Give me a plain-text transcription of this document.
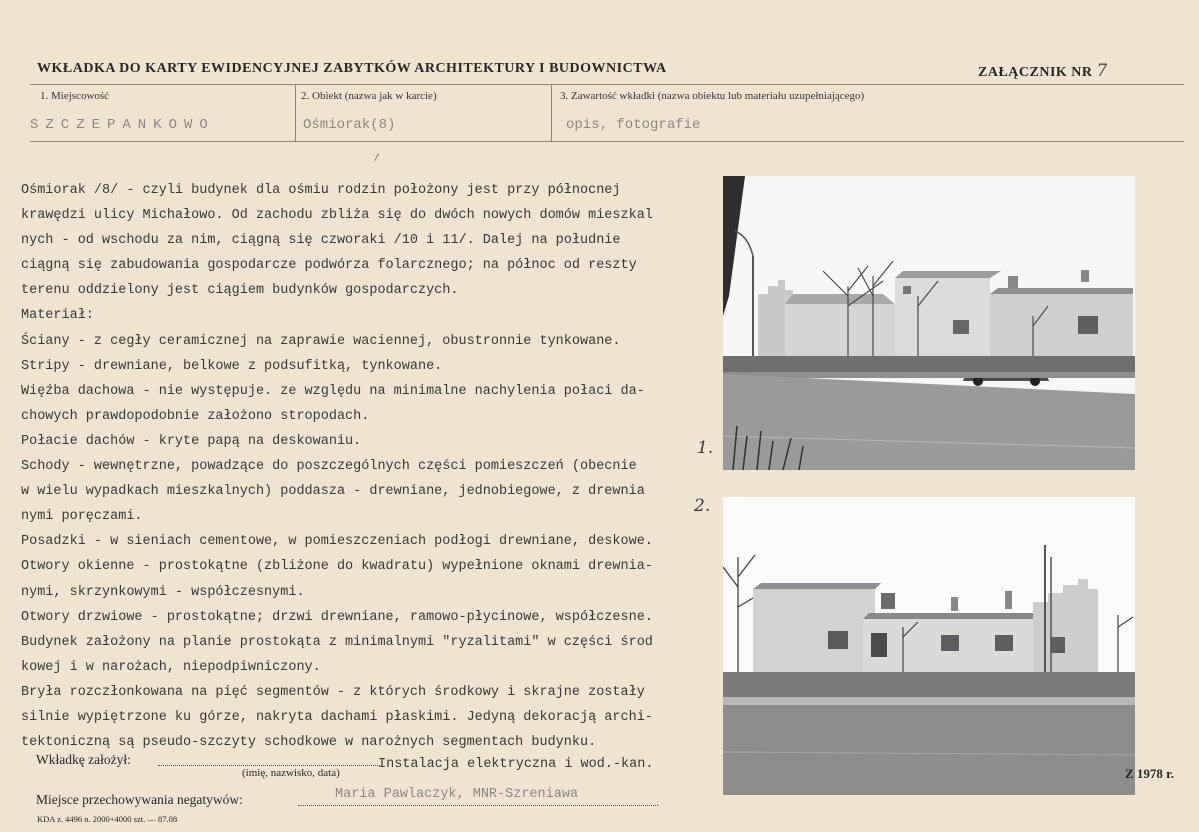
WKŁADKA DO KARTY EWIDENCYJNEJ ZABYTKÓW ARCHITEKTURY I BUDOWNICTWA	ZAŁĄCZNIK NR 7
1. Miejscowość
SZCZEPANKOWO
2. Obiekt (nazwa jak w karcie)
Ośmiorak(8)
3. Zawartość wkładki (nazwa obiektu lub materiału uzupełniającego)
opis, fotografie
Ośmiorak /8/ - czyli budynek dla ośmiu rodzin położony jest przy północnej
krawędzi ulicy Michałowo. Od zachodu zbliża się do dwóch nowych domów mieszkal
nych - od wschodu za nim, ciągną się czworaki /10 i 11/. Dalej na południe
ciągną się zabudowania gospodarcze podwórza folarcznego; na północ od reszty
terenu oddzielony jest ciągiem budynków gospodarczych.
Materiał:
Ściany - z cegły ceramicznej na zaprawie waciennej, obustronnie tynkowane.
Stripy - drewniane, belkowe z podsufitką, tynkowane.
Więźba dachowa - nie występuje. ze względu na minimalne nachylenia połaci da-
chowych prawdopodobnie założono stropodach.
Połacie dachów - kryte papą na deskowaniu.
Schody - wewnętrzne, powadzące do poszczególnych części pomieszczeń (obecnie
w wielu wypadkach mieszkalnych) poddasza - drewniane, jednobiegowe, z drewnia
nymi poręczami.
Posadzki - w sieniach cementowe, w pomieszczeniach podłogi drewniane, deskowe.
Otwory okienne - prostokątne (zbliżone do kwadratu) wypełnione oknami drewnia-
nymi, skrzynkowymi - współczesnymi.
Otwory drzwiowe - prostokątne; drzwi drewniane, ramowo-płycinowe, współczesne.
Budynek założony na planie prostokąta z minimalnymi "ryzalitami" w części środ
kowej i w narożach, niepodpiwniczony.
Bryła rozczłonkowana na pięć segmentów - z których środkowy i skrajne zostały
silnie wypiętrzone ku górze, nakryta dachami płaskimi. Jedyną dekoracją archi-
tektoniczną są pseudo-szczyty schodkowe w narożnych segmentach budynku.
1.
2.
Wkładkę założył:
(imię, nazwisko, data)
Instalacja elektryczna i wod.-kan.
Miejsce przechowywania negatywów:	Maria Pawlaczyk, MNR-Szreniawa
Z 1978 r.
KDA z. 4496 n. 2000+4000 szt. — 87.08
